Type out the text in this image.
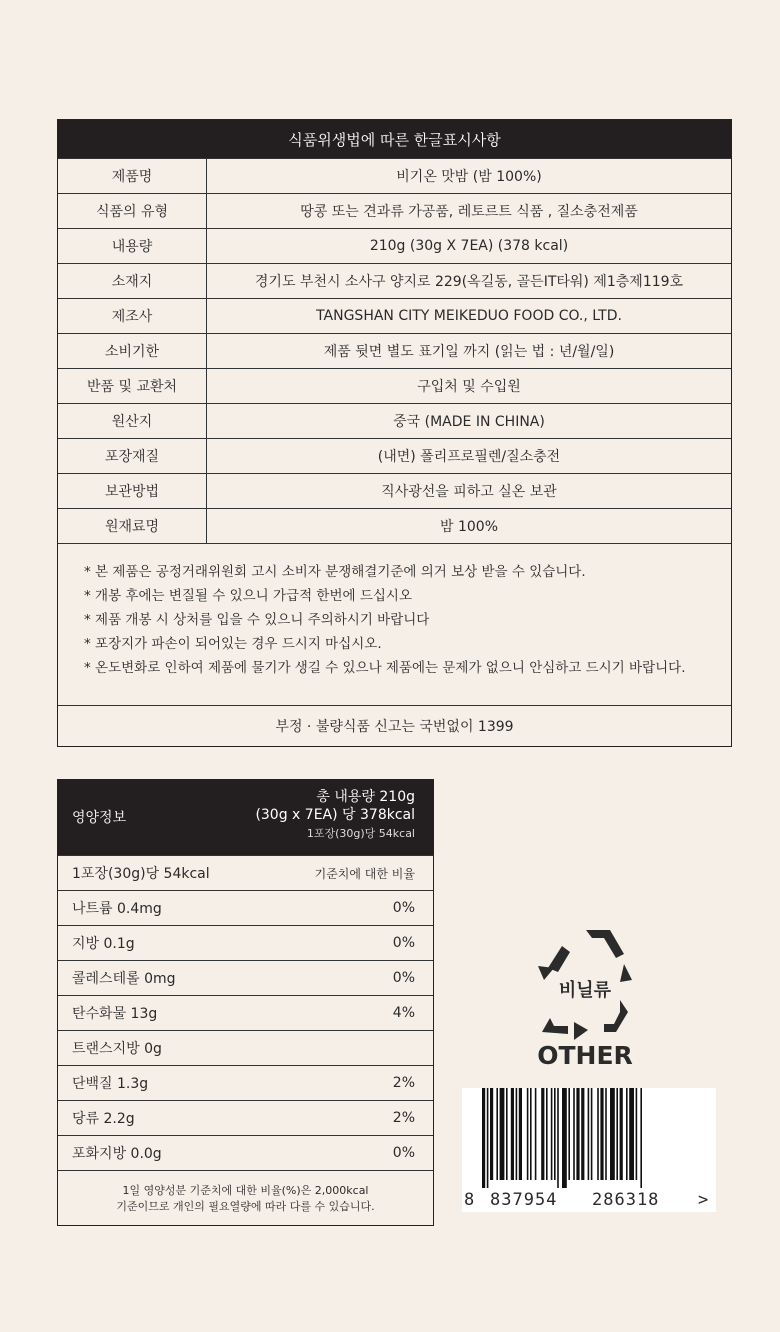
식품위생법에 따른 한글표시사항
제품명	비기온 맛밤 (밤 100%)
식품의 유형	땅콩 또는 견과류 가공품, 레토르트 식품 , 질소충전제품
내용량	210g (30g X 7EA) (378 kcal)
소재지	경기도 부천시 소사구 양지로 229(옥길동, 골든IT타워) 제1층제119호
제조사	TANGSHAN CITY MEIKEDUO FOOD CO., LTD.
소비기한	제품 뒷면 별도 표기일 까지 (읽는 법 : 년/월/일)
반품 및 교환처	구입처 및 수입원
원산지	중국 (MADE IN CHINA)
포장재질	(내면) 폴리프로필렌/질소충전
보관방법	직사광선을 피하고 실온 보관
원재료명	밤 100%
* 본 제품은 공정거래위원회 고시 소비자 분쟁해결기준에 의거 보상 받을 수 있습니다.
* 개봉 후에는 변질될 수 있으니 가급적 한번에 드십시오
* 제품 개봉 시 상처를 입을 수 있으니 주의하시기 바랍니다
* 포장지가 파손이 되어있는 경우 드시지 마십시오.
* 온도변화로 인하여 제품에 물기가 생길 수 있으나 제품에는 문제가 없으니 안심하고 드시기 바랍니다.
부정 · 불량식품 신고는 국번없이 1399
영양정보
총 내용량 210g
(30g x 7EA) 당 378kcal
1포장(30g)당 54kcal
1포장(30g)당 54kcal	기준치에 대한 비율
나트륨 0.4mg	0%
지방 0.1g	0%
콜레스테롤 0mg	0%
탄수화물 13g	4%
트랜스지방 0g
단백질 1.3g	2%
당류 2.2g	2%
포화지방 0.0g	0%
1일 영양성분 기준치에 대한 비율(%)은 2,000kcal
기준이므로 개인의 필요열량에 따라 다를 수 있습니다.
비닐류
OTHER
8 837954 286318 >
